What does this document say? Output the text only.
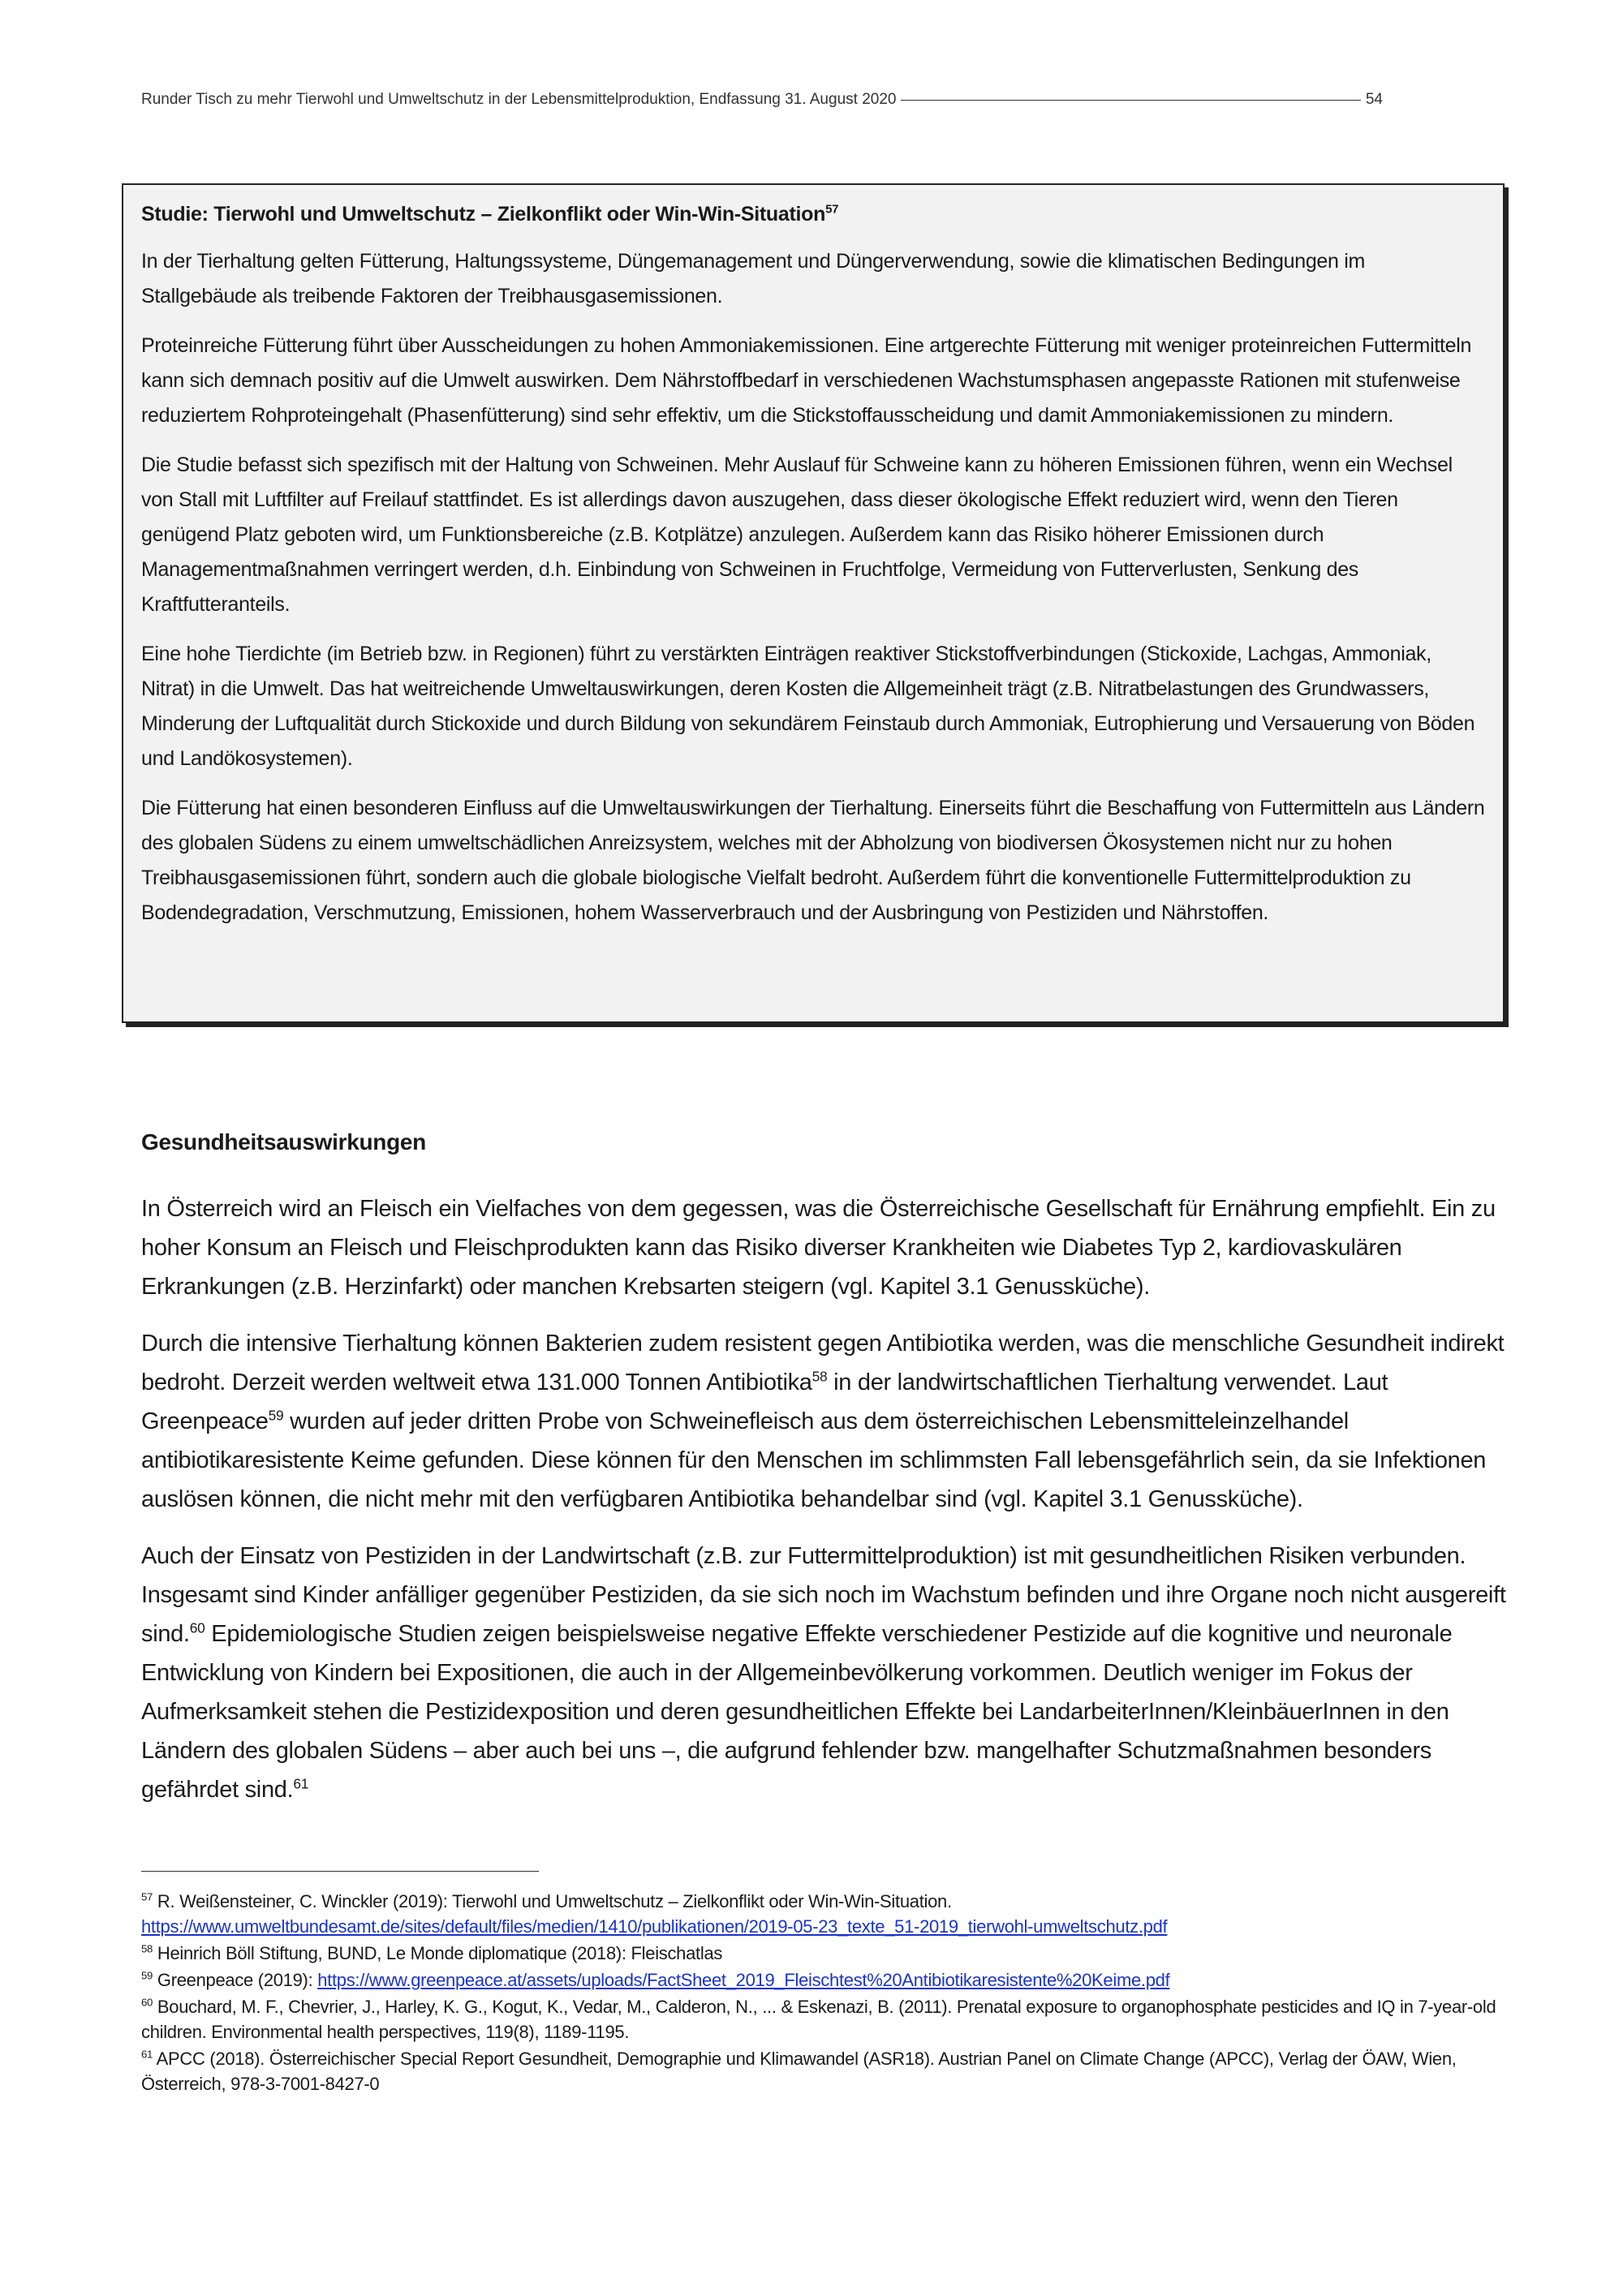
Runder Tisch zu mehr Tierwohl und Umweltschutz in der Lebensmittelproduktion, Endfassung 31. August 2020	54
Studie: Tierwohl und Umweltschutz – Zielkonflikt oder Win-Win-Situation$^{57}$

In der Tierhaltung gelten Fütterung, Haltungssysteme, Düngemanagement und Düngerverwendung, sowie die klimatischen Bedingungen im Stallgebäude als treibende Faktoren der Treibhausgasemissionen.

Proteinreiche Fütterung führt über Ausscheidungen zu hohen Ammoniakemissionen. Eine artgerechte Fütterung mit weniger proteinreichen Futtermitteln kann sich demnach positiv auf die Umwelt auswirken. Dem Nährstoffbedarf in verschiedenen Wachstumsphasen angepasste Rationen mit stufenweise reduziertem Rohproteingehalt (Phasenfütterung) sind sehr effektiv, um die Stickstoffausscheidung und damit Ammoniakemissionen zu mindern.

Die Studie befasst sich spezifisch mit der Haltung von Schweinen. Mehr Auslauf für Schweine kann zu höheren Emissionen führen, wenn ein Wechsel von Stall mit Luftfilter auf Freilauf stattfindet. Es ist allerdings davon auszugehen, dass dieser ökologische Effekt reduziert wird, wenn den Tieren genügend Platz geboten wird, um Funktionsbereiche (z.B. Kotplätze) anzulegen. Außerdem kann das Risiko höherer Emissionen durch Managementmaßnahmen verringert werden, d.h. Einbindung von Schweinen in Fruchtfolge, Vermeidung von Futterverlusten, Senkung des Kraftfutteranteils.

Eine hohe Tierdichte (im Betrieb bzw. in Regionen) führt zu verstärkten Einträgen reaktiver Stickstoffverbindungen (Stickoxide, Lachgas, Ammoniak, Nitrat) in die Umwelt. Das hat weitreichende Umweltauswirkungen, deren Kosten die Allgemeinheit trägt (z.B. Nitratbelastungen des Grundwassers, Minderung der Luftqualität durch Stickoxide und durch Bildung von sekundärem Feinstaub durch Ammoniak, Eutrophierung und Versauerung von Böden und Landökosystemen).

Die Fütterung hat einen besonderen Einfluss auf die Umweltauswirkungen der Tierhaltung. Einerseits führt die Beschaffung von Futtermitteln aus Ländern des globalen Südens zu einem umweltschädlichen Anreizsystem, welches mit der Abholzung von biodiversen Ökosystemen nicht nur zu hohen Treibhausgasemissionen führt, sondern auch die globale biologische Vielfalt bedroht. Außerdem führt die konventionelle Futtermittelproduktion zu Bodendegradation, Verschmutzung, Emissionen, hohem Wasserverbrauch und der Ausbringung von Pestiziden und Nährstoffen.

Gesundheitsauswirkungen

In Österreich wird an Fleisch ein Vielfaches von dem gegessen, was die Österreichische Gesellschaft für Ernährung empfiehlt. Ein zu hoher Konsum an Fleisch und Fleischprodukten kann das Risiko diverser Krankheiten wie Diabetes Typ 2, kardiovaskulären Erkrankungen (z.B. Herzinfarkt) oder manchen Krebsarten steigern (vgl. Kapitel 3.1 Genussküche).

Durch die intensive Tierhaltung können Bakterien zudem resistent gegen Antibiotika werden, was die menschliche Gesundheit indirekt bedroht. Derzeit werden weltweit etwa 131.000 Tonnen Antibiotika$^{58}$ in der landwirtschaftlichen Tierhaltung verwendet. Laut Greenpeace$^{59}$ wurden auf jeder dritten Probe von Schweinefleisch aus dem österreichischen Lebensmitteleinzelhandel antibiotikaresistente Keime gefunden. Diese können für den Menschen im schlimmsten Fall lebensgefährlich sein, da sie Infektionen auslösen können, die nicht mehr mit den verfügbaren Antibiotika behandelbar sind (vgl. Kapitel 3.1 Genussküche).

Auch der Einsatz von Pestiziden in der Landwirtschaft (z.B. zur Futtermittelproduktion) ist mit gesundheitlichen Risiken verbunden. Insgesamt sind Kinder anfälliger gegenüber Pestiziden, da sie sich noch im Wachstum befinden und ihre Organe noch nicht ausgereift sind.$^{60}$ Epidemiologische Studien zeigen beispielsweise negative Effekte verschiedener Pestizide auf die kognitive und neuronale Entwicklung von Kindern bei Expositionen, die auch in der Allgemeinbevölkerung vorkommen. Deutlich weniger im Fokus der Aufmerksamkeit stehen die Pestizidexposition und deren gesundheitlichen Effekte bei LandarbeiterInnen/KleinbäuerInnen in den Ländern des globalen Südens – aber auch bei uns –, die aufgrund fehlender bzw. mangelhafter Schutzmaßnahmen besonders gefährdet sind.$^{61}$

$^{57}$ R. Weißensteiner, C. Winckler (2019): Tierwohl und Umweltschutz – Zielkonflikt oder Win-Win-Situation.
https://www.umweltbundesamt.de/sites/default/files/medien/1410/publikationen/2019-05-23_texte_51-2019_tierwohl-umweltschutz.pdf
$^{58}$ Heinrich Böll Stiftung, BUND, Le Monde diplomatique (2018): Fleischatlas
$^{59}$ Greenpeace (2019): https://www.greenpeace.at/assets/uploads/FactSheet_2019_Fleischtest%20Antibiotikaresistente%20Keime.pdf
$^{60}$ Bouchard, M. F., Chevrier, J., Harley, K. G., Kogut, K., Vedar, M., Calderon, N., ... & Eskenazi, B. (2011). Prenatal exposure to organophosphate pesticides and IQ in 7-year-old children. Environmental health perspectives, 119(8), 1189-1195.
$^{61}$ APCC (2018). Österreichischer Special Report Gesundheit, Demographie und Klimawandel (ASR18). Austrian Panel on Climate Change (APCC), Verlag der ÖAW, Wien, Österreich, 978-3-7001-8427-0
